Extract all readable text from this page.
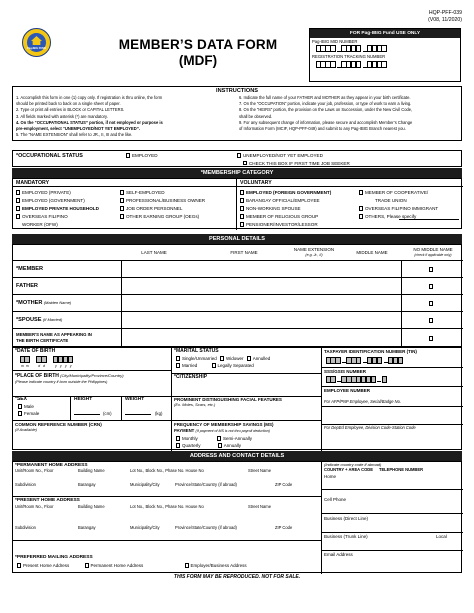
Pag-IBIG FUND	MEMBER’S DATA FORM
(MDF)
HQP-PFF-039
(V08, 11/2020)
FOR Pag-IBIG Fund USE ONLY
Pag-IBIG MID NUMBER
REGISTRATION TRACKING NUMBER
INSTRUCTIONS
1. Accomplish this form in one (1) copy only. If registration is thru online, the form
should be printed back to back on a single sheet of paper.
2. Type or print all entries in BLOCK or CAPITAL LETTERS.
3. All fields marked with asterisk (*) are mandatory.
4. On the “OCCUPATIONAL STATUS” portion, if not employed or purpose is
pre-employment, select “UNEMPLOYED/NOT YET EMPLOYED”.
5. The “NAME EXTENSION” shall refer to JR., II, III and the like.
6. Indicate the full name of your FATHER and MOTHER as they appear in your birth certificate.
7. On the “OCCUPATION” portion, indicate your job, profession, or type of work to earn a living.
8. On the “HEIRS” portion, the provision on the Laws on Succession, under the New Civil Code,
shall be observed.
9. For any subsequent change of information, please secure and accomplish Member’s Change
of Information Form (MCIF, HQP-PFF-049) and submit to any Pag-IBIG Branch nearest you.
*OCCUPATIONAL STATUS	EMPLOYED	UNEMPLOYED/NOT YET EMPLOYED
CHECK THIS BOX IF FIRST TIME JOB SEEKER
*MEMBERSHIP CATEGORY
MANDATORY	VOLUNTARY
EMPLOYED (PRIVATE)
EMPLOYED (GOVERNMENT)
EMPLOYED PRIVATE HOUSEHOLD
OVERSEAS FILIPINO
WORKER (OFW)
SELF-EMPLOYED
PROFESSIONAL/BUSINESS OWNER
JOB ORDER PERSONNEL
OTHER EARNING GROUP (OEGs)
EMPLOYED (FOREIGN GOVERNMENT)
BARANGAY OFFICIAL/EMPLOYEE
NON-WORKING SPOUSE
MEMBER OF RELIGIOUS GROUP
PENSIONER/INVESTOR/LESSOR
MEMBER OF COOPERATIVE/
TRADE UNION
OVERSEAS FILIPINO IMMIGRANT
OTHERS, Please specify
PERSONAL DETAILS
LAST NAME	FIRST NAME
NAME EXTENSION
(e.g. Jr., II)	MIDDLE NAME
NO MIDDLE NAME
(check if applicable only)
*MEMBER
FATHER
*MOTHER (Maiden Name)
*SPOUSE (If Married)
MEMBER'S NAME AS APPEARING IN
THE BIRTH CERTIFICATE
*DATE OF BIRTH
m m	d d	y y y y
*PLACE OF BIRTH (City/Municipality/Province/Country)
(Please indicate country if born outside the Philippines)
*MARITAL STATUS
Single/Unmarried Widower Annulled
Married	Legally Separated
*CITIZENSHIP
*SEX
Male
Female
HEIGHT
(cm)
WEIGHT
(kg)
PROMINENT DISTINGUISHING FACIAL FEATURES
(Ex. Moles, Scars, etc.)
COMMON REFERENCE NUMBER (CRN)
(If Available)
FREQUENCY OF MEMBERSHIP SAVINGS (MS)
PAYMENT (If payment of MS is not thru payroll deduction)
Monthly	Semi-Annually
Quarterly	Annually
TAXPAYER IDENTIFICATION NUMBER (TIN)
SSS/GSIS NUMBER
EMPLOYEE NUMBER
For AFP/PNP Employee, Serial/Badge No.
For DepEd Employee, Division Code-Station Code
ADDRESS AND CONTACT DETAILS
*PERMANENT HOME ADDRESS
Unit/Room No., Floor	Building Name	Lot No., Block No., Phase No. House No	Street Name
Subdivision	Barangay	Municipality/City	Province/State/Country (if abroad)	ZIP Code
*PRESENT HOME ADDRESS
Unit/Room No., Floor	Building Name	Lot No., Block No., Phase No. House No	Street Name
Subdivision	Barangay	Municipality/City	Province/State/Country (if abroad)	ZIP Code
*PREFERRED MAILING ADDRESS
Present Home Address	Permanent Home Address	Employer/Business Address
(Indicate country code if abroad)
COUNTRY + AREA CODE TELEPHONE NUMBER
Home
Cell Phone
Business (Direct Line)
Business (Trunk Line)	Local
Email Address
THIS FORM MAY BE REPRODUCED. NOT FOR SALE.
